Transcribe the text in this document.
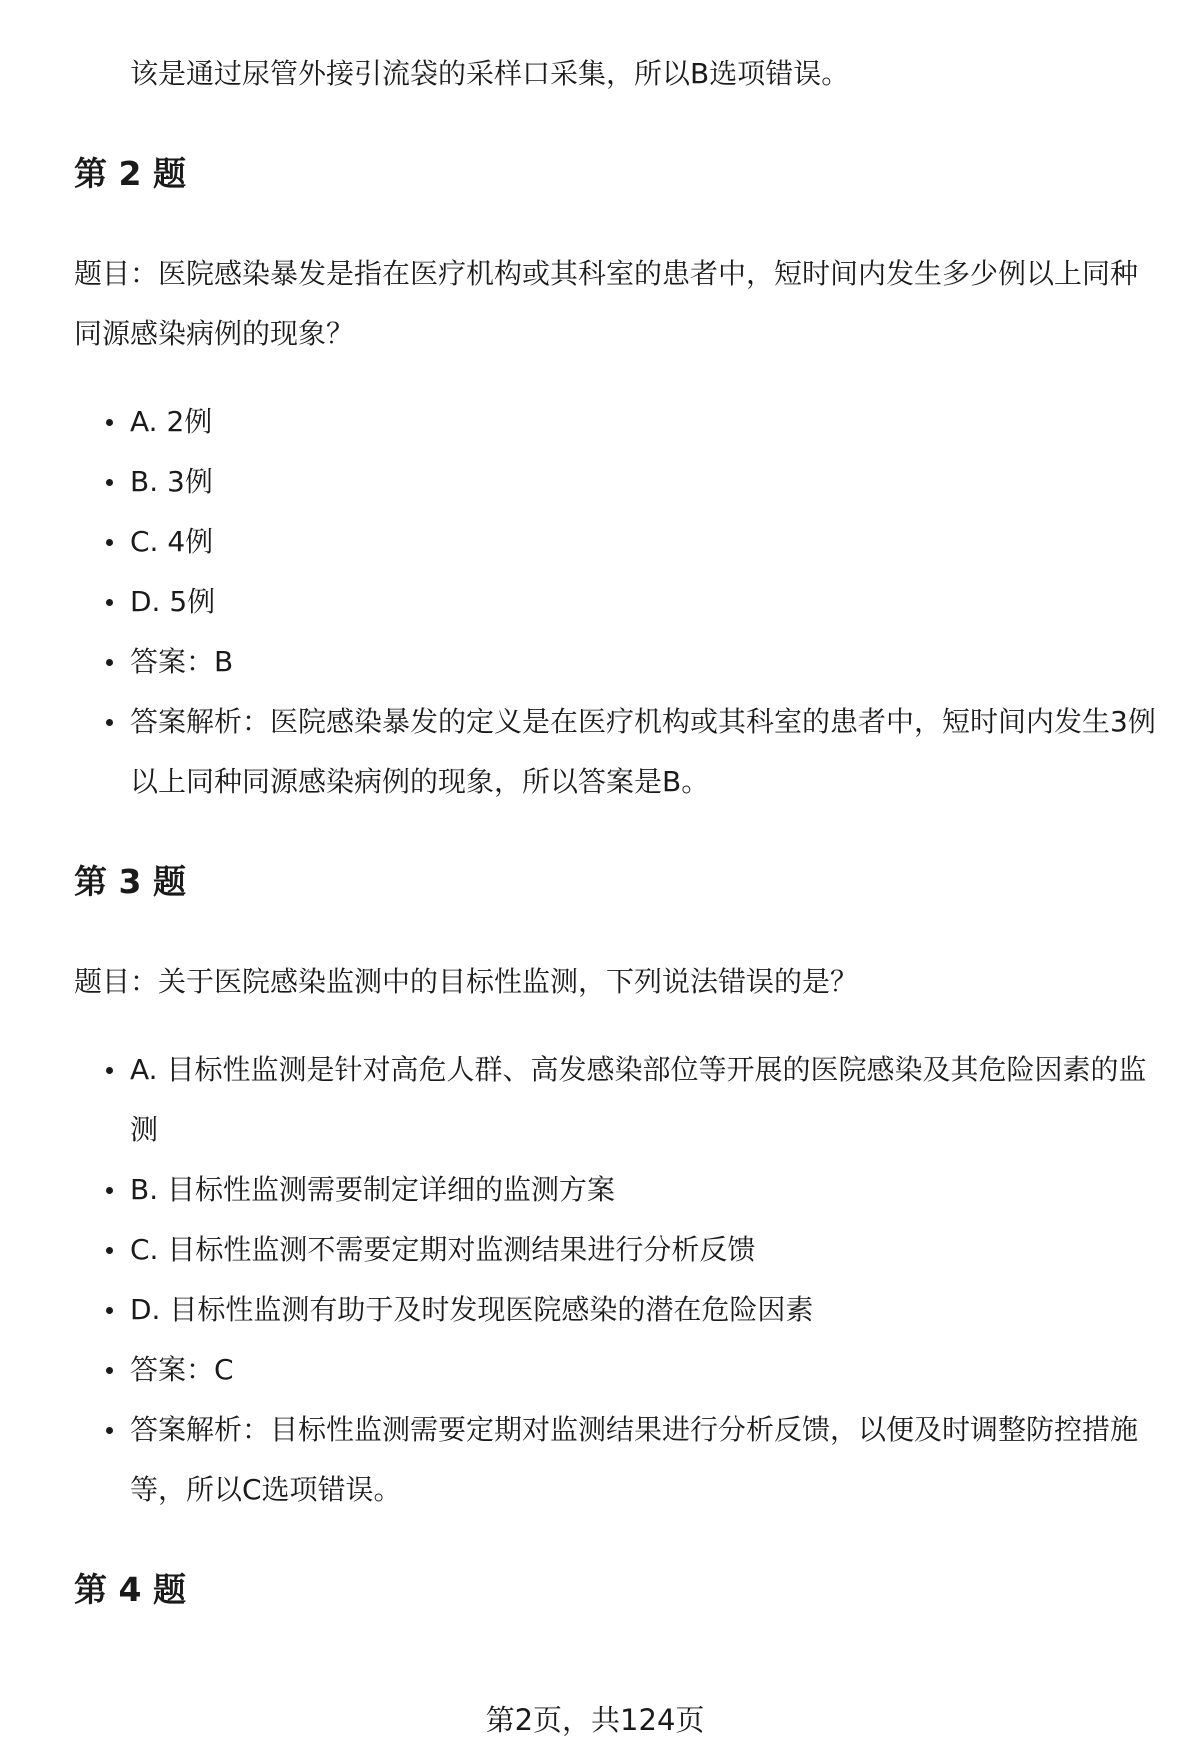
该是通过尿管外接引流袋的采样口采集，所以B选项错误。

第 2 题

题目：医院感染暴发是指在医疗机构或其科室的患者中，短时间内发生多少例以上同种同源感染病例的现象？

A. 2例
B. 3例
C. 4例
D. 5例
答案：B
答案解析：医院感染暴发的定义是在医疗机构或其科室的患者中，短时间内发生3例以上同种同源感染病例的现象，所以答案是B。
第 3 题

题目：关于医院感染监测中的目标性监测，下列说法错误的是？

A. 目标性监测是针对高危人群、高发感染部位等开展的医院感染及其危险因素的监测
B. 目标性监测需要制定详细的监测方案
C. 目标性监测不需要定期对监测结果进行分析反馈
D. 目标性监测有助于及时发现医院感染的潜在危险因素
答案：C
答案解析：目标性监测需要定期对监测结果进行分析反馈，以便及时调整防控措施等，所以C选项错误。
第 4 题
第2页，共124页
